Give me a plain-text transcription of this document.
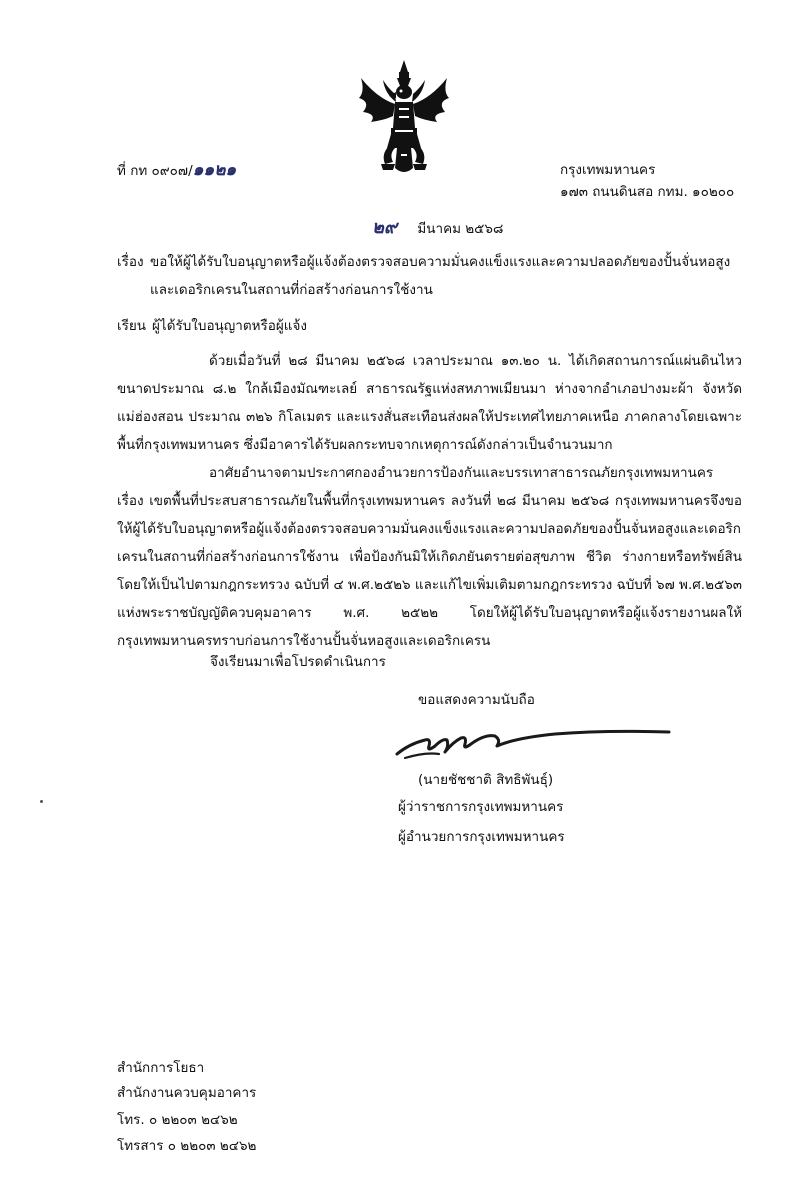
ที่ กท ๐๙๐๗/๑๑๒๑	กรุงเทพมหานคร
๑๗๓ ถนนดินสอ กทม. ๑๐๒๐๐
๒๙ มีนาคม ๒๕๖๘
เรื่อง ขอให้ผู้ได้รับใบอนุญาตหรือผู้แจ้งต้องตรวจสอบความมั่นคงแข็งแรงและความปลอดภัยของปั้นจั่นหอสูง
และเดอริกเครนในสถานที่ก่อสร้างก่อนการใช้งาน
เรียน ผู้ได้รับใบอนุญาตหรือผู้แจ้ง
ด้วยเมื่อวันที่ ๒๘ มีนาคม ๒๕๖๘ เวลาประมาณ ๑๓.๒๐ น. ได้เกิดสถานการณ์แผ่นดินไหวขนาดประมาณ ๘.๒ ใกล้เมืองมัณฑะเลย์ สาธารณรัฐแห่งสหภาพเมียนมา ห่างจากอำเภอปางมะผ้า จังหวัดแม่ฮ่องสอน ประมาณ ๓๒๖ กิโลเมตร และแรงสั่นสะเทือนส่งผลให้ประเทศไทยภาคเหนือ ภาคกลางโดยเฉพาะพื้นที่กรุงเทพมหานคร ซึ่งมีอาคารได้รับผลกระทบจากเหตุการณ์ดังกล่าวเป็นจำนวนมาก
อาศัยอำนาจตามประกาศกองอำนวยการป้องกันและบรรเทาสาธารณภัยกรุงเทพมหานคร เรื่อง เขตพื้นที่ประสบสาธารณภัยในพื้นที่กรุงเทพมหานคร ลงวันที่ ๒๘ มีนาคม ๒๕๖๘ กรุงเทพมหานครจึงขอให้ผู้ได้รับใบอนุญาตหรือผู้แจ้งต้องตรวจสอบความมั่นคงแข็งแรงและความปลอดภัยของปั้นจั่นหอสูงและเดอริกเครนในสถานที่ก่อสร้างก่อนการใช้งาน เพื่อป้องกันมิให้เกิดภยันตรายต่อสุขภาพ ชีวิต ร่างกายหรือทรัพย์สิน โดยให้เป็นไปตามกฎกระทรวง ฉบับที่ ๔ พ.ศ.๒๕๒๖ และแก้ไขเพิ่มเติมตามกฎกระทรวง ฉบับที่ ๖๗ พ.ศ.๒๕๖๓ แห่งพระราชบัญญัติควบคุมอาคาร พ.ศ. ๒๕๒๒ โดยให้ผู้ได้รับใบอนุญาตหรือผู้แจ้งรายงานผลให้กรุงเทพมหานครทราบก่อนการใช้งานปั้นจั่นหอสูงและเดอริกเครน
จึงเรียนมาเพื่อโปรดดำเนินการ
ขอแสดงความนับถือ
(นายชัชชาติ สิทธิพันธุ์)
ผู้ว่าราชการกรุงเทพมหานคร
ผู้อำนวยการกรุงเทพมหานคร
สำนักการโยธา
สำนักงานควบคุมอาคาร
โทร. ๐ ๒๒๐๓ ๒๔๖๒
โทรสาร ๐ ๒๒๐๓ ๒๔๖๒
